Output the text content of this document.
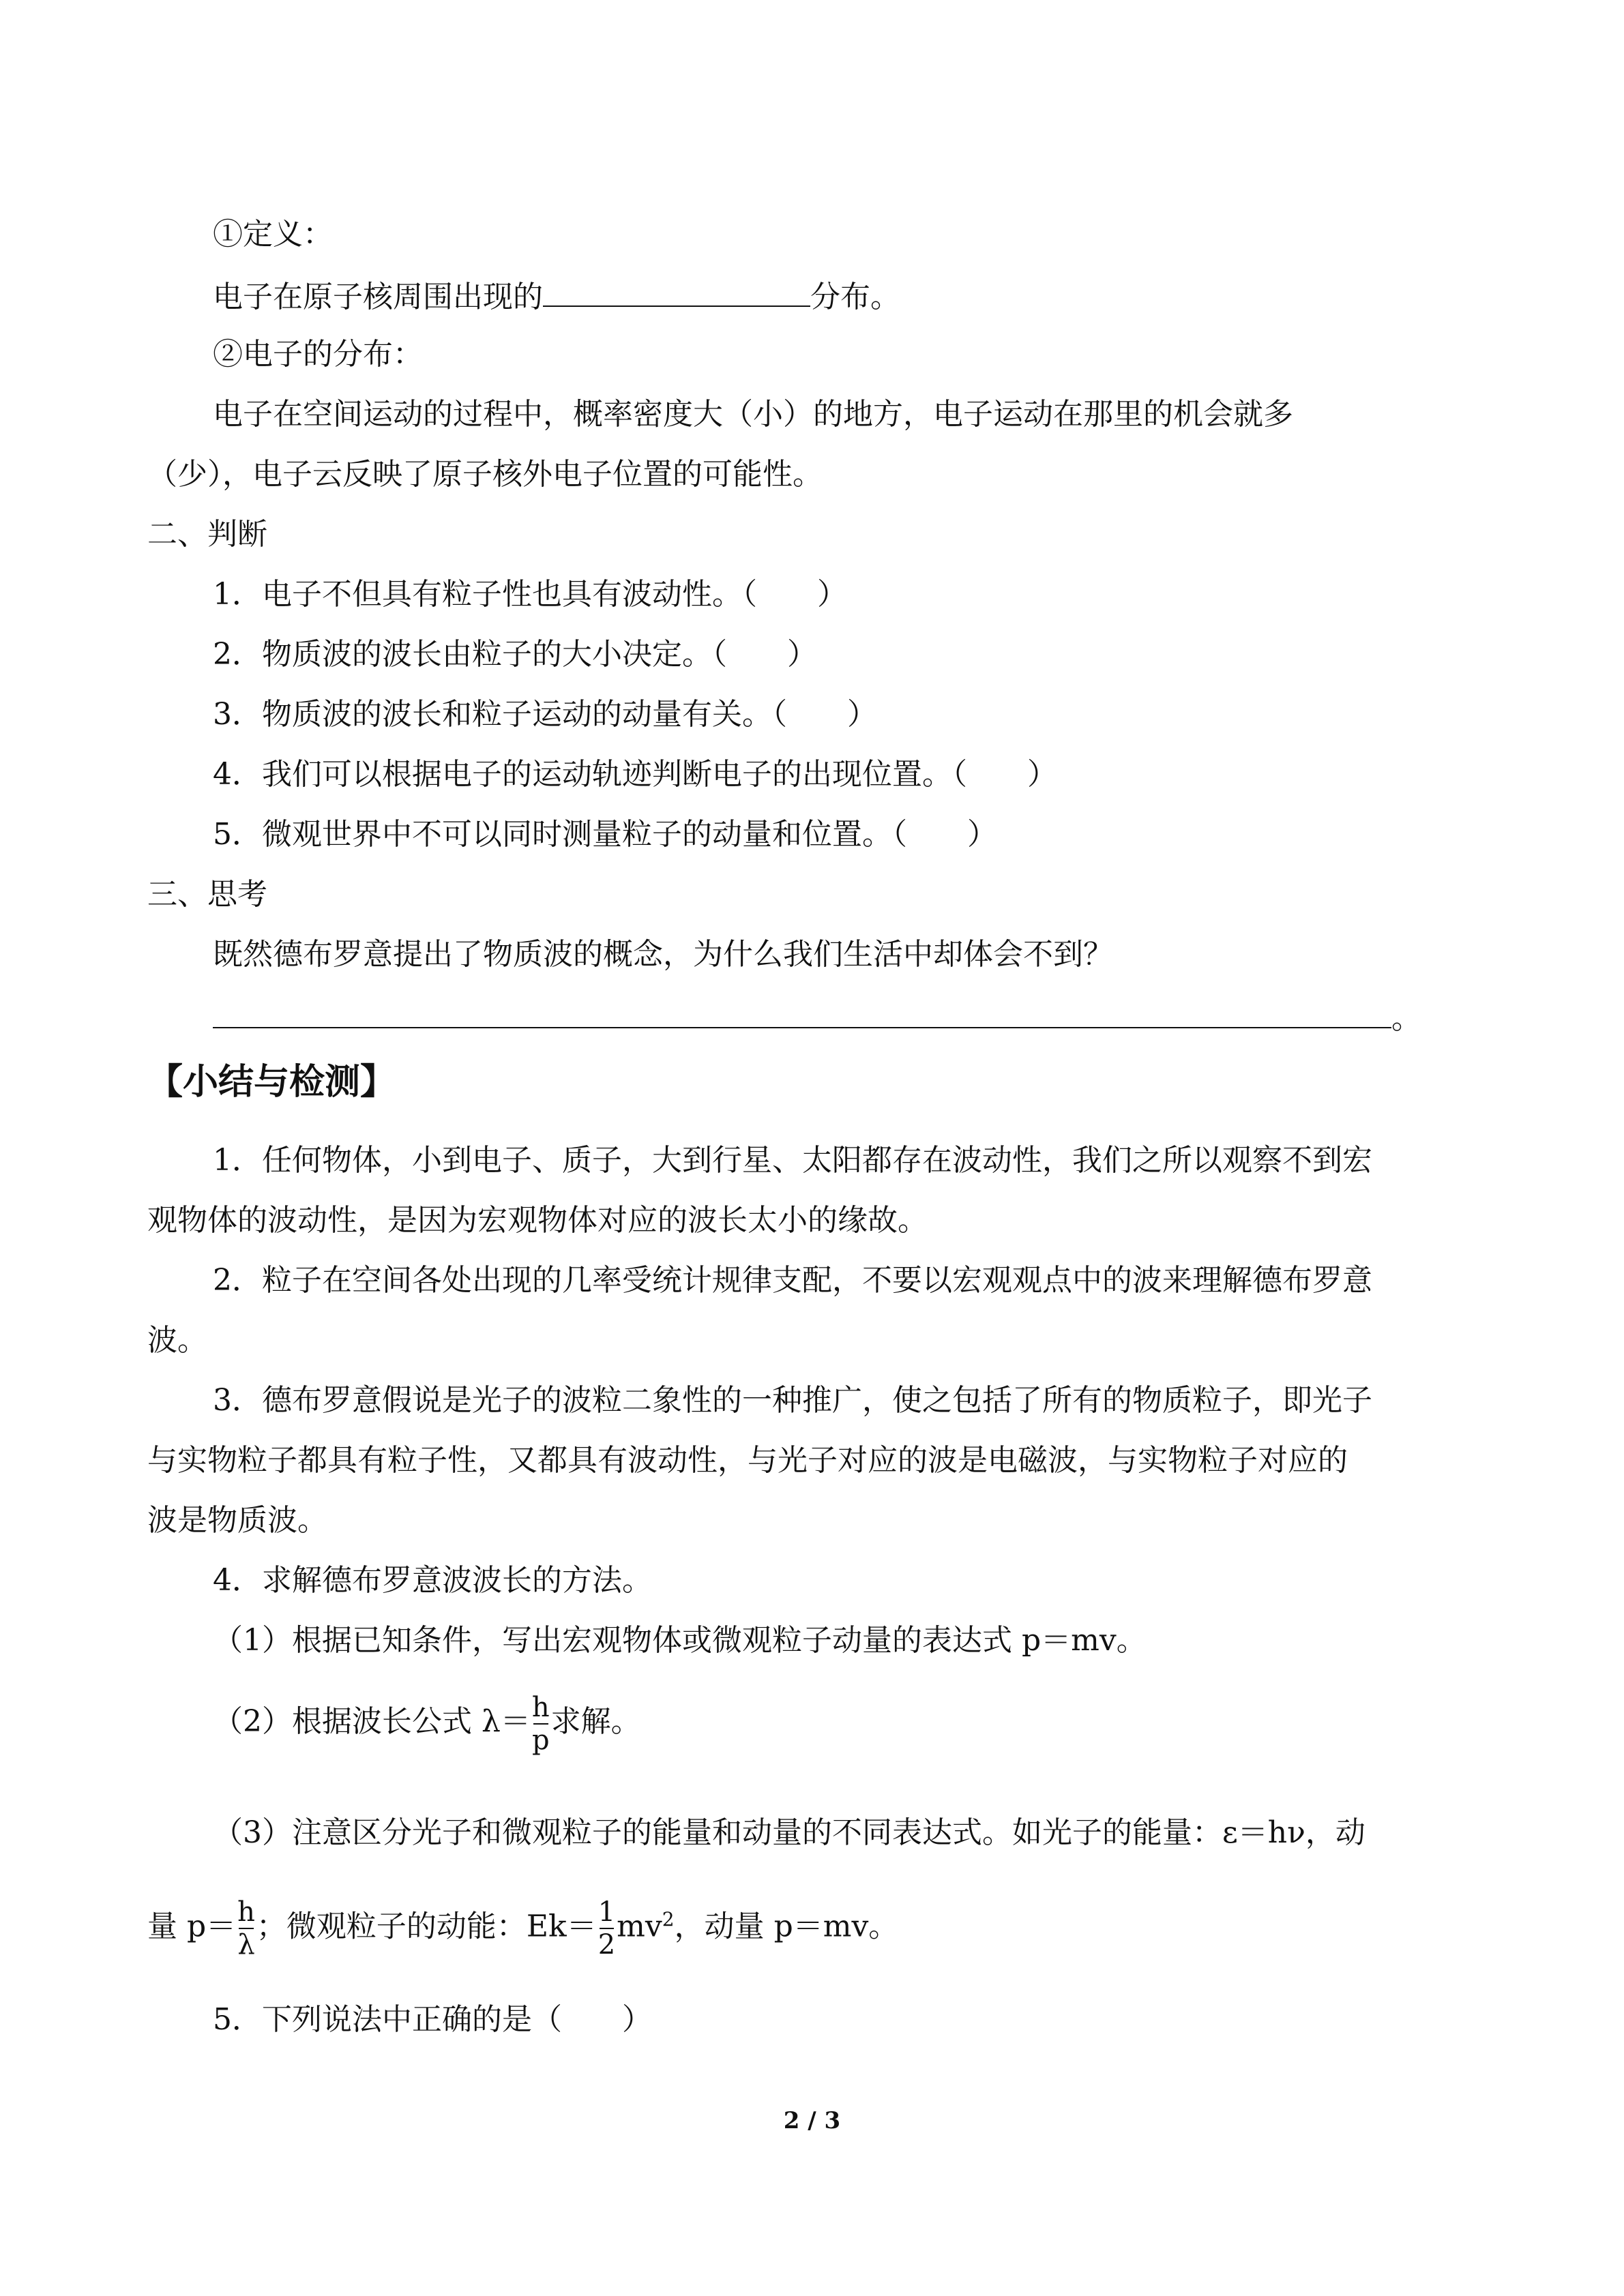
①定义：
电子在原子核周围出现的	分布。
②电子的分布：
电子在空间运动的过程中，概率密度大（小）的地方，电子运动在那里的机会就多
（少），电子云反映了原子核外电子位置的可能性。
二、判断
1．电子不但具有粒子性也具有波动性。（　　）
2．物质波的波长由粒子的大小决定。（　　）
3．物质波的波长和粒子运动的动量有关。（　　）
4．我们可以根据电子的运动轨迹判断电子的出现位置。（　　）
5．微观世界中不可以同时测量粒子的动量和位置。（　　）
三、思考
既然德布罗意提出了物质波的概念，为什么我们生活中却体会不到？
。
【小结与检测】
1．任何物体，小到电子、质子，大到行星、太阳都存在波动性，我们之所以观察不到宏
观物体的波动性，是因为宏观物体对应的波长太小的缘故。
2．粒子在空间各处出现的几率受统计规律支配，不要以宏观观点中的波来理解德布罗意
波。
3．德布罗意假说是光子的波粒二象性的一种推广，使之包括了所有的物质粒子，即光子
与实物粒子都具有粒子性，又都具有波动性，与光子对应的波是电磁波，与实物粒子对应的
波是物质波。
4．求解德布罗意波波长的方法。
（1）根据已知条件，写出宏观物体或微观粒子动量的表达式 p＝mv。
（2）根据波长公式 $\lambda= \frac{h}{p}$ 求解。
（3）注意区分光子和微观粒子的能量和动量的不同表达式。如光子的能量：ε＝hν，动
量 $p= \frac{h}{\lambda}$ ；微观粒子的动能：$Ek= \frac{1}{2} mv^2$，动量 p＝mv。
5．下列说法中正确的是（　　）
2 / 3
